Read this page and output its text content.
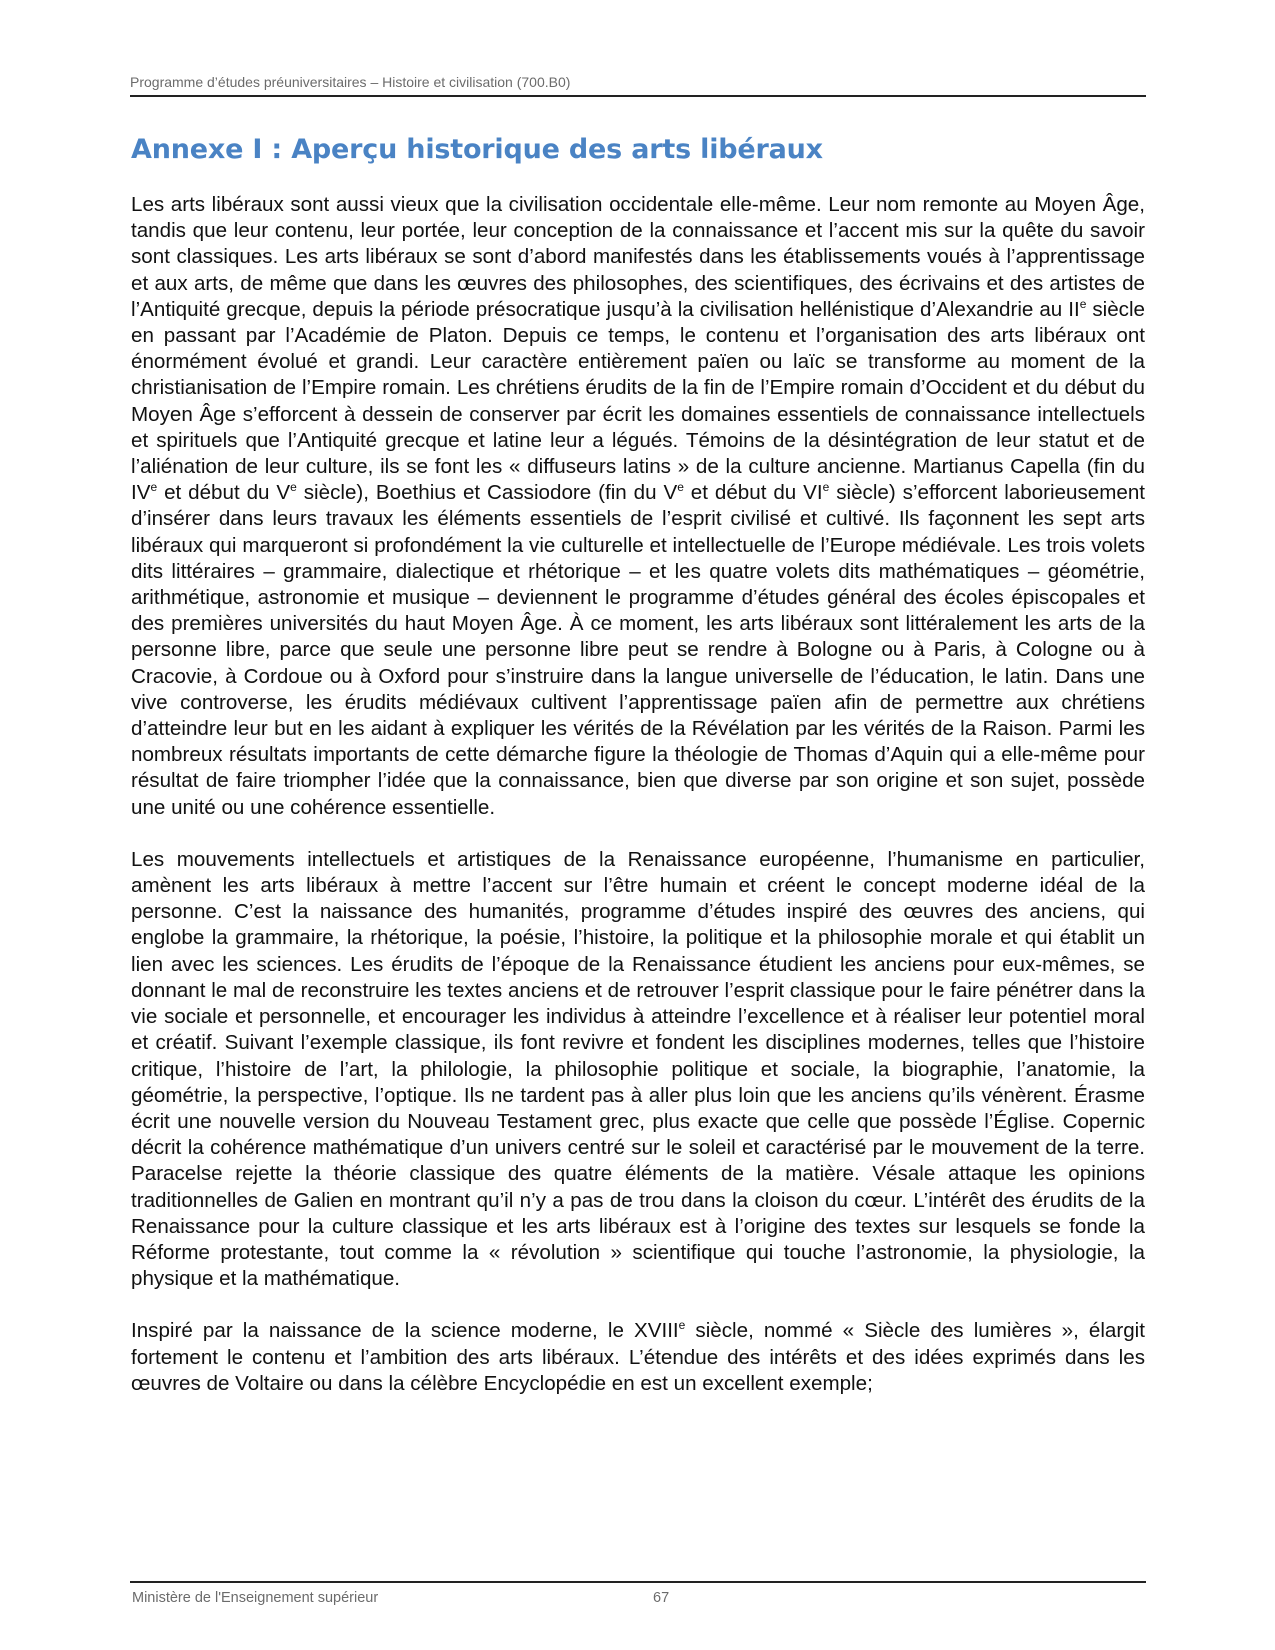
Programme d’études préuniversitaires – Histoire et civilisation (700.B0)
Annexe I : Aperçu historique des arts libéraux

Les arts libéraux sont aussi vieux que la civilisation occidentale elle-même. Leur nom remonte au Moyen Âge, tandis que leur contenu, leur portée, leur conception de la connaissance et l’accent mis sur la quête du savoir sont classiques. Les arts libéraux se sont d’abord manifestés dans les établissements voués à l’apprentissage et aux arts, de même que dans les œuvres des philosophes, des scientifiques, des écrivains et des artistes de l’Antiquité grecque, depuis la période présocratique jusqu’à la civilisation hellénistique d’Alexandrie au IIe siècle en passant par l’Académie de Platon. Depuis ce temps, le contenu et l’organisation des arts libéraux ont énormément évolué et grandi. Leur caractère entièrement païen ou laïc se transforme au moment de la christianisation de l’Empire romain. Les chrétiens érudits de la fin de l’Empire romain d’Occident et du début du Moyen Âge s’efforcent à dessein de conserver par écrit les domaines essentiels de connaissance intellectuels et spirituels que l’Antiquité grecque et latine leur a légués. Témoins de la désintégration de leur statut et de l’aliénation de leur culture, ils se font les « diffuseurs latins » de la culture ancienne. Martianus Capella (fin du IVe et début du Ve siècle), Boethius et Cassiodore (fin du Ve et début du VIe siècle) s’efforcent laborieusement d’insérer dans leurs travaux les éléments essentiels de l’esprit civilisé et cultivé. Ils façonnent les sept arts libéraux qui marqueront si profondément la vie culturelle et intellectuelle de l’Europe médiévale. Les trois volets dits littéraires – grammaire, dialectique et rhétorique – et les quatre volets dits mathématiques – géométrie, arithmétique, astronomie et musique – deviennent le programme d’études général des écoles épiscopales et des premières universités du haut Moyen Âge. À ce moment, les arts libéraux sont littéralement les arts de la personne libre, parce que seule une personne libre peut se rendre à Bologne ou à Paris, à Cologne ou à Cracovie, à Cordoue ou à Oxford pour s’instruire dans la langue universelle de l’éducation, le latin. Dans une vive controverse, les érudits médiévaux cultivent l’apprentissage païen afin de permettre aux chrétiens d’atteindre leur but en les aidant à expliquer les vérités de la Révélation par les vérités de la Raison. Parmi les nombreux résultats importants de cette démarche figure la théologie de Thomas d’Aquin qui a elle-même pour résultat de faire triompher l’idée que la connaissance, bien que diverse par son origine et son sujet, possède une unité ou une cohérence essentielle.

Les mouvements intellectuels et artistiques de la Renaissance européenne, l’humanisme en particulier, amènent les arts libéraux à mettre l’accent sur l’être humain et créent le concept moderne idéal de la personne. C’est la naissance des humanités, programme d’études inspiré des œuvres des anciens, qui englobe la grammaire, la rhétorique, la poésie, l’histoire, la politique et la philosophie morale et qui établit un lien avec les sciences. Les érudits de l’époque de la Renaissance étudient les anciens pour eux-mêmes, se donnant le mal de reconstruire les textes anciens et de retrouver l’esprit classique pour le faire pénétrer dans la vie sociale et personnelle, et encourager les individus à atteindre l’excellence et à réaliser leur potentiel moral et créatif. Suivant l’exemple classique, ils font revivre et fondent les disciplines modernes, telles que l’histoire critique, l’histoire de l’art, la philologie, la philosophie politique et sociale, la biographie, l’anatomie, la géométrie, la perspective, l’optique. Ils ne tardent pas à aller plus loin que les anciens qu’ils vénèrent. Érasme écrit une nouvelle version du Nouveau Testament grec, plus exacte que celle que possède l’Église. Copernic décrit la cohérence mathématique d’un univers centré sur le soleil et caractérisé par le mouvement de la terre. Paracelse rejette la théorie classique des quatre éléments de la matière. Vésale attaque les opinions traditionnelles de Galien en montrant qu’il n’y a pas de trou dans la cloison du cœur. L’intérêt des érudits de la Renaissance pour la culture classique et les arts libéraux est à l’origine des textes sur lesquels se fonde la Réforme protestante, tout comme la « révolution » scientifique qui touche l’astronomie, la physiologie, la physique et la mathématique.

Inspiré par la naissance de la science moderne, le XVIIIe siècle, nommé « Siècle des lumières », élargit fortement le contenu et l’ambition des arts libéraux. L’étendue des intérêts et des idées exprimés dans les œuvres de Voltaire ou dans la célèbre Encyclopédie en est un excellent exemple;

Ministère de l'Enseignement supérieur	67
